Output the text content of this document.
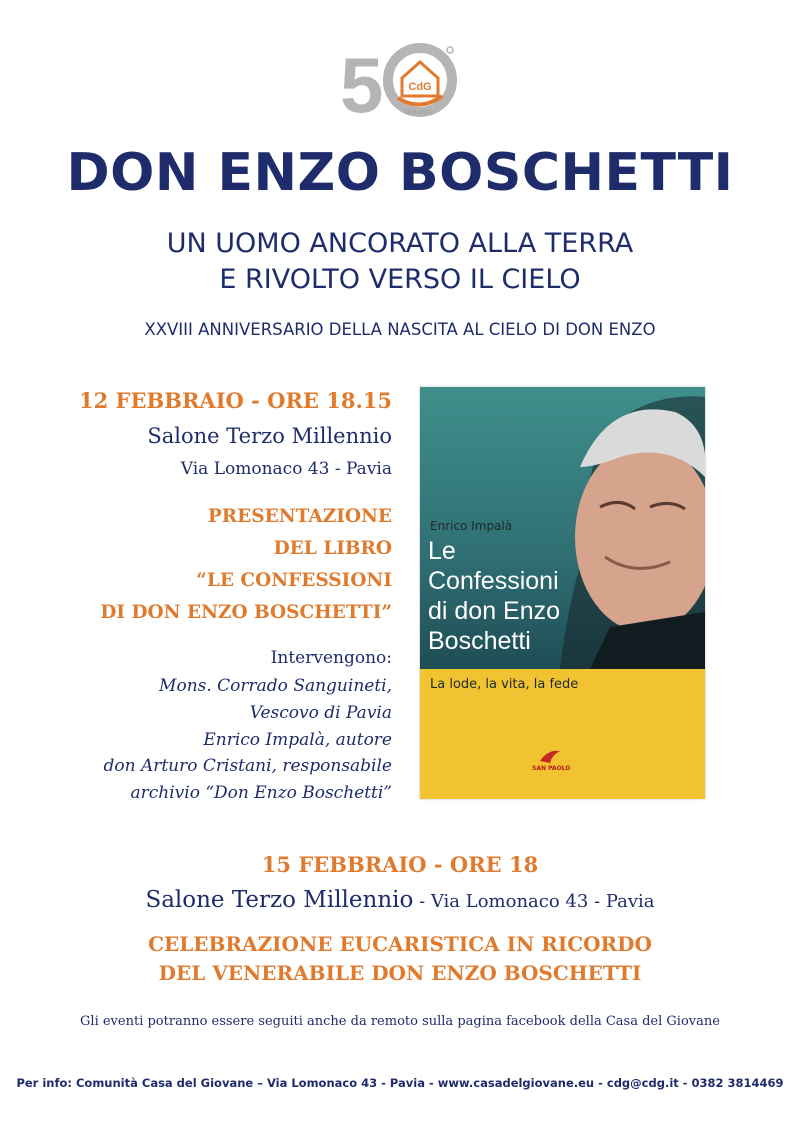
5 CdG
1971-2021
DON ENZO BOSCHETTI
UN UOMO ANCORATO ALLA TERRA
E RIVOLTO VERSO IL CIELO
XXVIII ANNIVERSARIO DELLA NASCITA AL CIELO DI DON ENZO
12 FEBBRAIO - ORE 18.15
Salone Terzo Millennio
Via Lomonaco 43 - Pavia
PRESENTAZIONE
DEL LIBRO
“LE CONFESSIONI
DI DON ENZO BOSCHETTI”
Intervengono:
Mons. Corrado Sanguineti,
Vescovo di Pavia
Enrico Impalà, autore
don Arturo Cristani, responsabile
archivio “Don Enzo Boschetti”
Enrico Impalà
Le
Confessioni
di don Enzo
Boschetti
La lode, la vita, la fede
SAN PAOLO
15 FEBBRAIO - ORE 18
Salone Terzo Millennio - Via Lomonaco 43 - Pavia
CELEBRAZIONE EUCARISTICA IN RICORDO
DEL VENERABILE DON ENZO BOSCHETTI
Gli eventi potranno essere seguiti anche da remoto sulla pagina facebook della Casa del Giovane
Per info: Comunità Casa del Giovane – Via Lomonaco 43 - Pavia - www.casadelgiovane.eu - cdg@cdg.it - 0382 3814469
